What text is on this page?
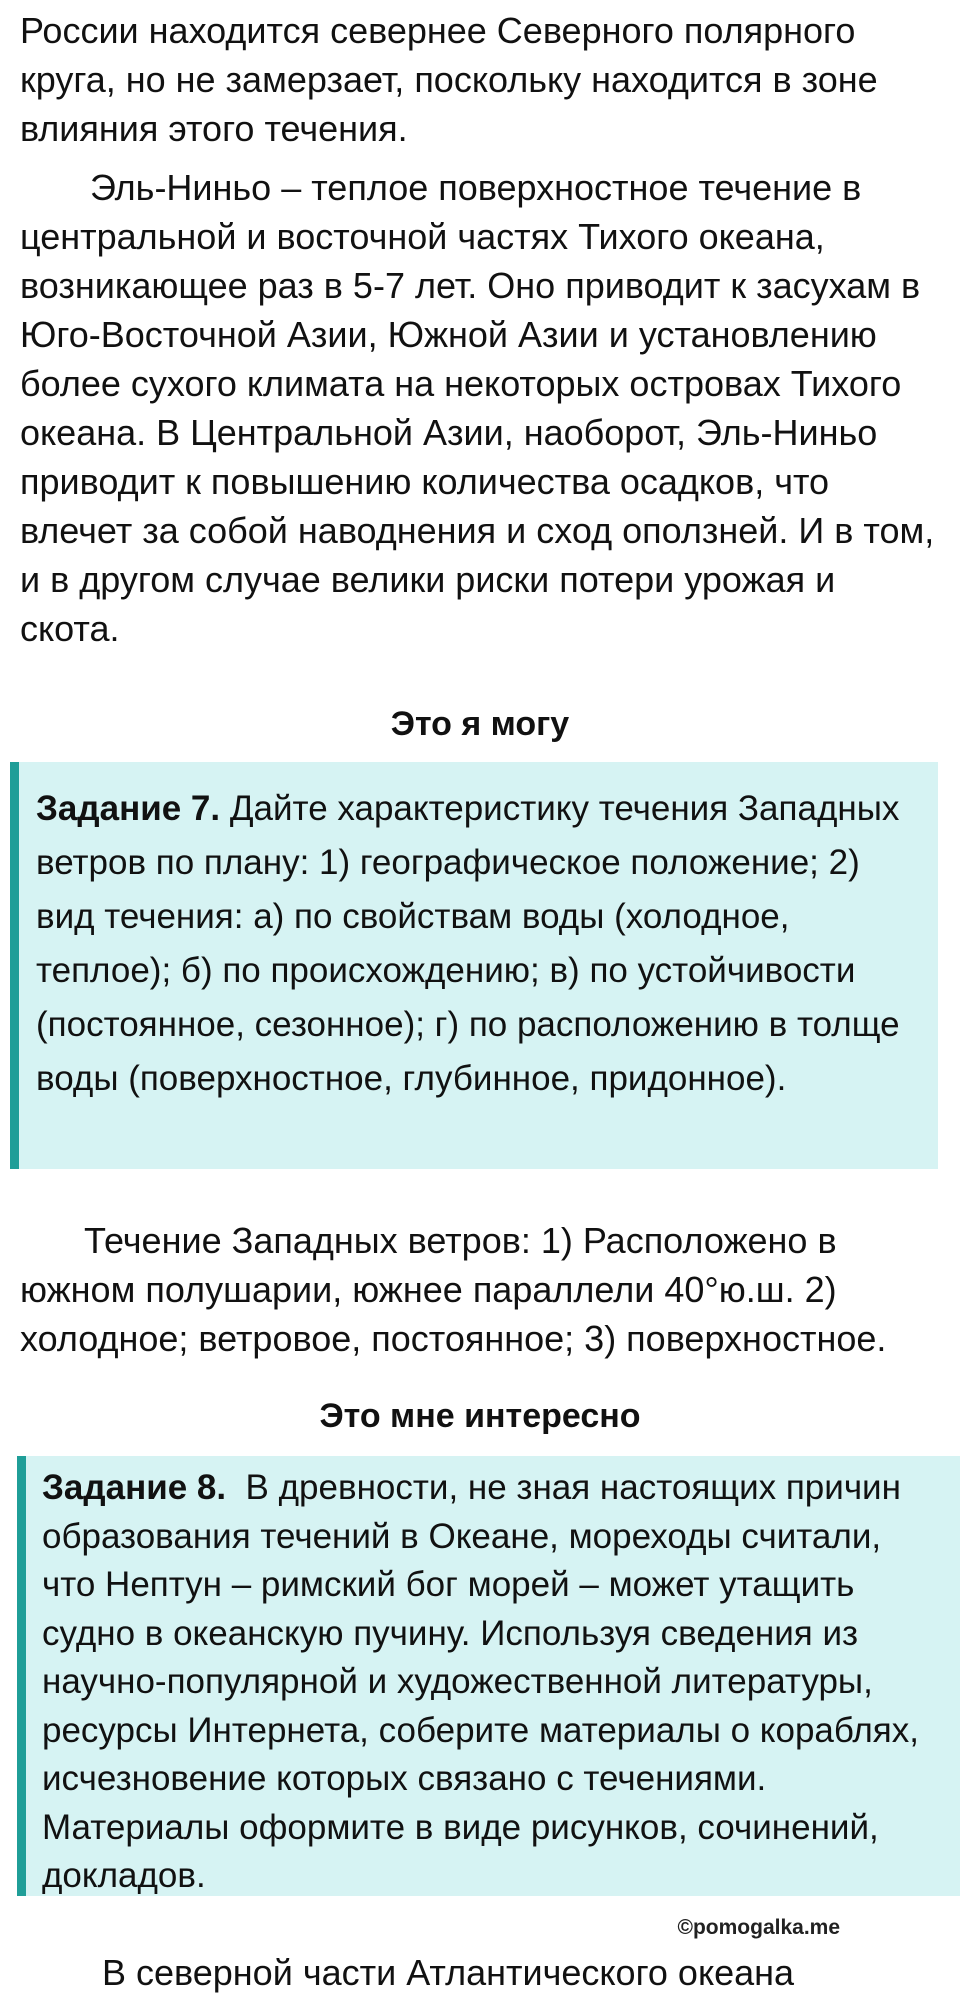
России находится севернее Северного полярного круга, но не замерзает, поскольку находится в зоне влияния этого течения.

Эль-Ниньо – теплое поверхностное течение в центральной и восточной частях Тихого океана, возникающее раз в 5-7 лет. Оно приводит к засухам в Юго-Восточной Азии, Южной Азии и установлению более сухого климата на некоторых островах Тихого океана. В Центральной Азии, наоборот, Эль-Ниньо приводит к повышению количества осадков, что влечет за собой наводнения и сход оползней. И в том, и в другом случае велики риски потери урожая и скота.

Это я могу

Задание 7. Дайте характеристику течения Западных ветров по плану: 1) географическое положение; 2) вид течения: а) по свойствам воды (холодное, теплое); б) по происхождению; в) по устойчивости (постоянное, сезонное); г) по расположению в толще воды (поверхностное, глубинное, придонное).

Течение Западных ветров: 1) Расположено в южном полушарии, южнее параллели 40°ю.ш. 2) холодное; ветровое, постоянное; 3) поверхностное.

Это мне интересно

Задание 8.  В древности, не зная настоящих причин образования течений в Океане, мореходы считали, что Нептун – римский бог морей – может утащить судно в океанскую пучину. Используя сведения из научно-популярной и художественной литературы, ресурсы Интернета, соберите материалы о кораблях, исчезновение которых связано с течениями. Материалы оформите в виде рисунков, сочинений, докладов.

©pomogalka.me

В северной части Атлантического океана
